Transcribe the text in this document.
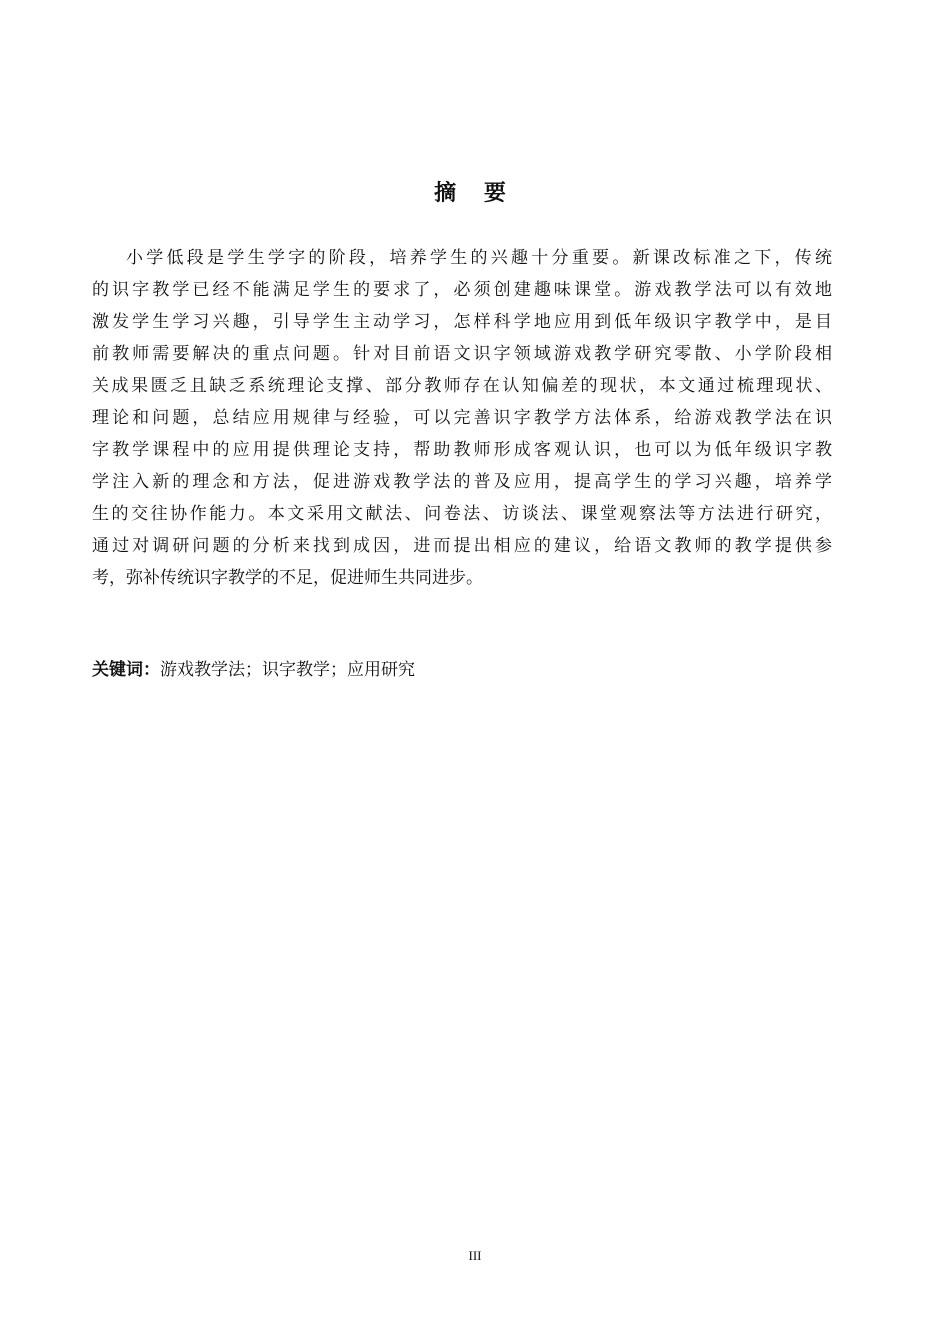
摘 要
小学低段是学生学字的阶段，培养学生的兴趣十分重要。新课改标准之下，传统
的识字教学已经不能满足学生的要求了，必须创建趣味课堂。游戏教学法可以有效地
激发学生学习兴趣，引导学生主动学习，怎样科学地应用到低年级识字教学中，是目
前教师需要解决的重点问题。针对目前语文识字领域游戏教学研究零散、小学阶段相
关成果匮乏且缺乏系统理论支撑、部分教师存在认知偏差的现状，本文通过梳理现状、
理论和问题，总结应用规律与经验，可以完善识字教学方法体系，给游戏教学法在识
字教学课程中的应用提供理论支持，帮助教师形成客观认识，也可以为低年级识字教
学注入新的理念和方法，促进游戏教学法的普及应用，提高学生的学习兴趣，培养学
生的交往协作能力。本文采用文献法、问卷法、访谈法、课堂观察法等方法进行研究，
通过对调研问题的分析来找到成因，进而提出相应的建议，给语文教师的教学提供参
考，弥补传统识字教学的不足，促进师生共同进步。
关键词：游戏教学法；识字教学；应用研究
III
